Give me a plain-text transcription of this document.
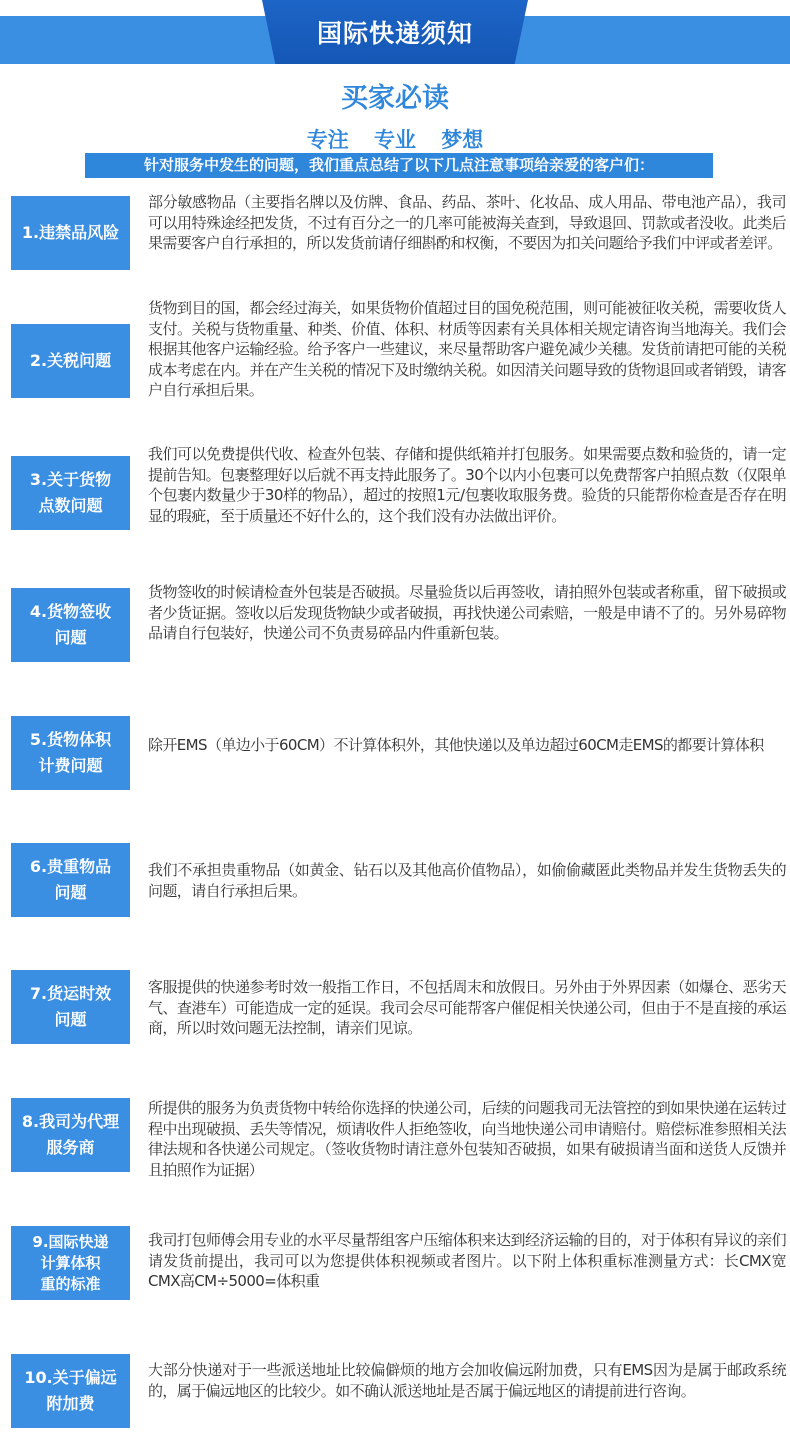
国际快递须知
买家必读
专注 专业 梦想
针对服务中发生的问题，我们重点总结了以下几点注意事项给亲爱的客户们：
1.违禁品风险
部分敏感物品（主要指名牌以及仿牌、食品、药品、茶叶、化妆品、成人用品、带电池产品），我司可以用特殊途经把发货，不过有百分之一的几率可能被海关查到，导致退回、罚款或者没收。此类后果需要客户自行承担的，所以发货前请仔细斟酌和权衡，不要因为扣关问题给予我们中评或者差评。
2.关税问题
货物到目的国，都会经过海关，如果货物价值超过目的国免税范围，则可能被征收关税，需要收货人支付。关税与货物重量、种类、价值、体积、材质等因素有关具体相关规定请咨询当地海关。我们会根据其他客户运输经验。给予客户一些建议，来尽量帮助客户避免减少关穗。发货前请把可能的关税成本考虑在内。并在产生关税的情况下及时缴纳关税。如因清关问题导致的货物退回或者销毁，请客户自行承担后果。
3.关于货物
点数问题
我们可以免费提供代收、检查外包装、存储和提供纸箱并打包服务。如果需要点数和验货的，请一定提前告知。包裹整理好以后就不再支持此服务了。30个以内小包裹可以免费帮客户拍照点数（仅限单个包裹内数量少于30样的物品），超过的按照1元/包裹收取服务费。验货的只能帮你检查是否存在明显的瑕疵，至于质量还不好什么的，这个我们没有办法做出评价。
4.货物签收
问题
货物签收的时候请检查外包装是否破损。尽量验货以后再签收，请拍照外包装或者称重，留下破损或者少货证据。签收以后发现货物缺少或者破损，再找快递公司索赔，一般是申请不了的。另外易碎物品请自行包装好，快递公司不负责易碎品内件重新包装。
5.货物体积
计费问题
除开EMS（单边小于60CM）不计算体积外，其他快递以及单边超过60CM走EMS的都要计算体积
6.贵重物品
问题
我们不承担贵重物品（如黄金、钻石以及其他高价值物品），如偷偷藏匿此类物品并发生货物丢失的问题，请自行承担后果。
7.货运时效
问题
客服提供的快递参考时效一般指工作日，不包括周末和放假日。另外由于外界因素（如爆仓、恶劣天气、查港车）可能造成一定的延误。我司会尽可能帮客户催促相关快递公司，但由于不是直接的承运商，所以时效问题无法控制，请亲们见谅。
8.我司为代理
服务商
所提供的服务为负责货物中转给你选择的快递公司，后续的问题我司无法管控的到如果快递在运转过程中出现破损、丢失等情况，烦请收件人拒绝签收，向当地快递公司申请赔付。赔偿标准参照相关法律法规和各快递公司规定。（签收货物时请注意外包装知否破损，如果有破损请当面和送货人反馈并且拍照作为证据）
9.国际快递
计算体积
重的标准
我司打包师傅会用专业的水平尽量帮组客户压缩体积来达到经济运输的目的，对于体积有异议的亲们请发货前提出，我司可以为您提供体积视频或者图片。以下附上体积重标准测量方式：长CMX宽CMX高CM÷5000=体积重
10.关于偏远
附加费
大部分快递对于一些派送地址比较偏僻烦的地方会加收偏远附加费，只有EMS因为是属于邮政系统的，属于偏远地区的比较少。如不确认派送地址是否属于偏远地区的请提前进行咨询。
